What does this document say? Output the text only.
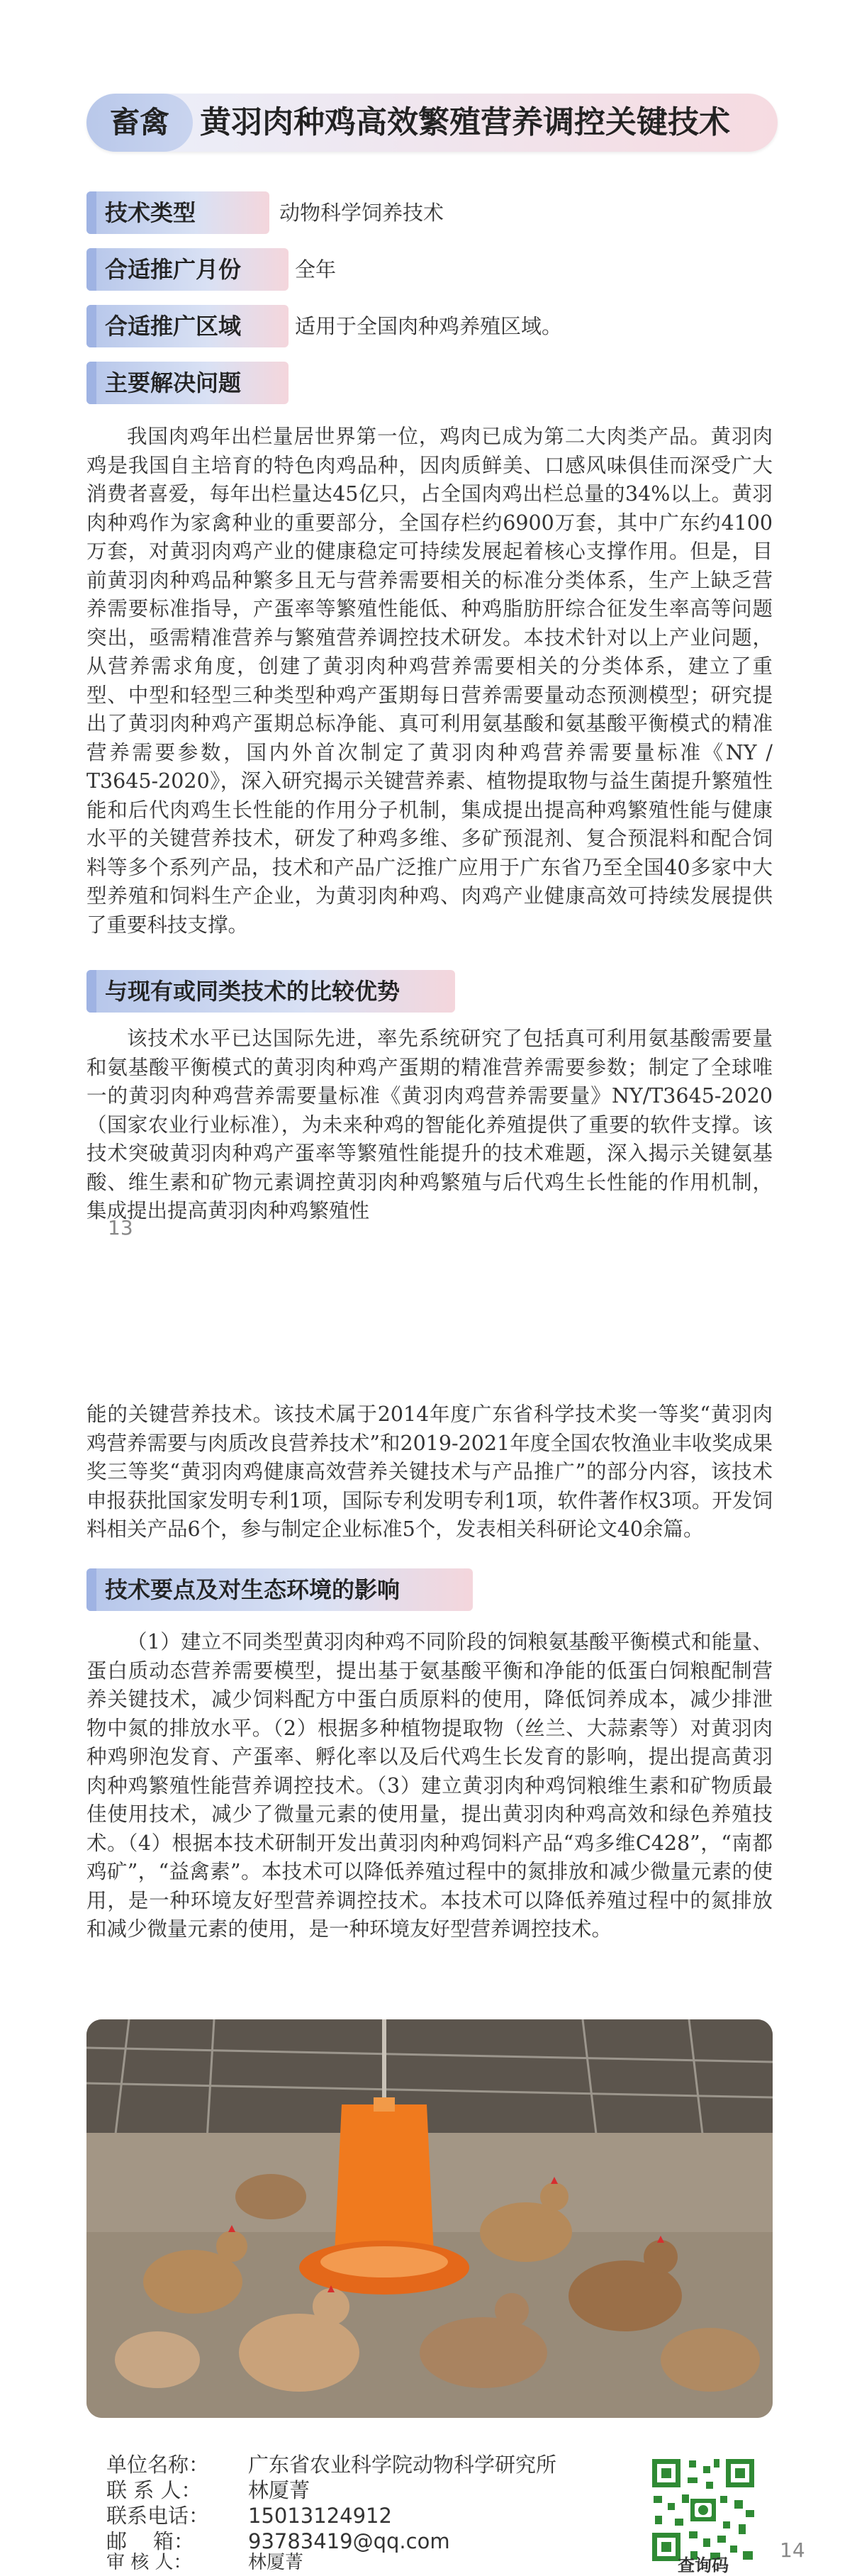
畜禽 黄羽肉种鸡高效繁殖营养调控关键技术
技术类型	动物科学饲养技术
合适推广月份	全年
合适推广区域	适用于全国肉种鸡养殖区域。
主要解决问题

我国肉鸡年出栏量居世界第一位，鸡肉已成为第二大肉类产品。黄羽肉鸡是我国自主培育的特色肉鸡品种，因肉质鲜美、口感风味俱佳而深受广大消费者喜爱，每年出栏量达45亿只，占全国肉鸡出栏总量的34%以上。黄羽肉种鸡作为家禽种业的重要部分，全国存栏约6900万套，其中广东约4100万套，对黄羽肉鸡产业的健康稳定可持续发展起着核心支撑作用。但是，目前黄羽肉种鸡品种繁多且无与营养需要相关的标准分类体系，生产上缺乏营养需要标准指导，产蛋率等繁殖性能低、种鸡脂肪肝综合征发生率高等问题突出，亟需精准营养与繁殖营养调控技术研发。本技术针对以上产业问题，从营养需求角度，创建了黄羽肉种鸡营养需要相关的分类体系，建立了重型、中型和轻型三种类型种鸡产蛋期每日营养需要量动态预测模型；研究提出了黄羽肉种鸡产蛋期总标净能、真可利用氨基酸和氨基酸平衡模式的精准营养需要参数，国内外首次制定了黄羽肉种鸡营养需要量标准《NY / T3645-2020》，深入研究揭示关键营养素、植物提取物与益生菌提升繁殖性能和后代肉鸡生长性能的作用分子机制，集成提出提高种鸡繁殖性能与健康水平的关键营养技术，研发了种鸡多维、多矿预混剂、复合预混料和配合饲料等多个系列产品，技术和产品广泛推广应用于广东省乃至全国40多家中大型养殖和饲料生产企业，为黄羽肉种鸡、肉鸡产业健康高效可持续发展提供了重要科技支撑。

与现有或同类技术的比较优势

该技术水平已达国际先进，率先系统研究了包括真可利用氨基酸需要量和氨基酸平衡模式的黄羽肉种鸡产蛋期的精准营养需要参数；制定了全球唯一的黄羽肉种鸡营养需要量标准《黄羽肉鸡营养需要量》NY/T3645-2020（国家农业行业标准），为未来种鸡的智能化养殖提供了重要的软件支撑。该技术突破黄羽肉种鸡产蛋率等繁殖性能提升的技术难题，深入揭示关键氨基酸、维生素和矿物元素调控黄羽肉种鸡繁殖与后代鸡生长性能的作用机制，集成提出提高黄羽肉种鸡繁殖性

13

能的关键营养技术。该技术属于2014年度广东省科学技术奖一等奖“黄羽肉鸡营养需要与肉质改良营养技术”和2019-2021年度全国农牧渔业丰收奖成果奖三等奖“黄羽肉鸡健康高效营养关键技术与产品推广”的部分内容，该技术申报获批国家发明专利1项，国际专利发明专利1项，软件著作权3项。开发饲料相关产品6个，参与制定企业标准5个，发表相关科研论文40余篇。

技术要点及对生态环境的影响

（1）建立不同类型黄羽肉种鸡不同阶段的饲粮氨基酸平衡模式和能量、蛋白质动态营养需要模型，提出基于氨基酸平衡和净能的低蛋白饲粮配制营养关键技术，减少饲料配方中蛋白质原料的使用，降低饲养成本，减少排泄物中氮的排放水平。（2）根据多种植物提取物（丝兰、大蒜素等）对黄羽肉种鸡卵泡发育、产蛋率、孵化率以及后代鸡生长发育的影响，提出提高黄羽肉种鸡繁殖性能营养调控技术。（3）建立黄羽肉种鸡饲粮维生素和矿物质最佳使用技术，减少了微量元素的使用量，提出黄羽肉种鸡高效和绿色养殖技术。（4）根据本技术研制开发出黄羽肉种鸡饲料产品“鸡多维C428”，“南都鸡矿”，“益禽素”。本技术可以降低养殖过程中的氮排放和减少微量元素的使用，是一种环境友好型营养调控技术。本技术可以降低养殖过程中的氮排放和减少微量元素的使用，是一种环境友好型营养调控技术。

14
单位名称： 广东省农业科学院动物科学研究所
联 系 人： 林厦菁
联系电话： 15013124912
邮    箱：	93783419@qq.com
审 核 人：	林厦菁	查询码
